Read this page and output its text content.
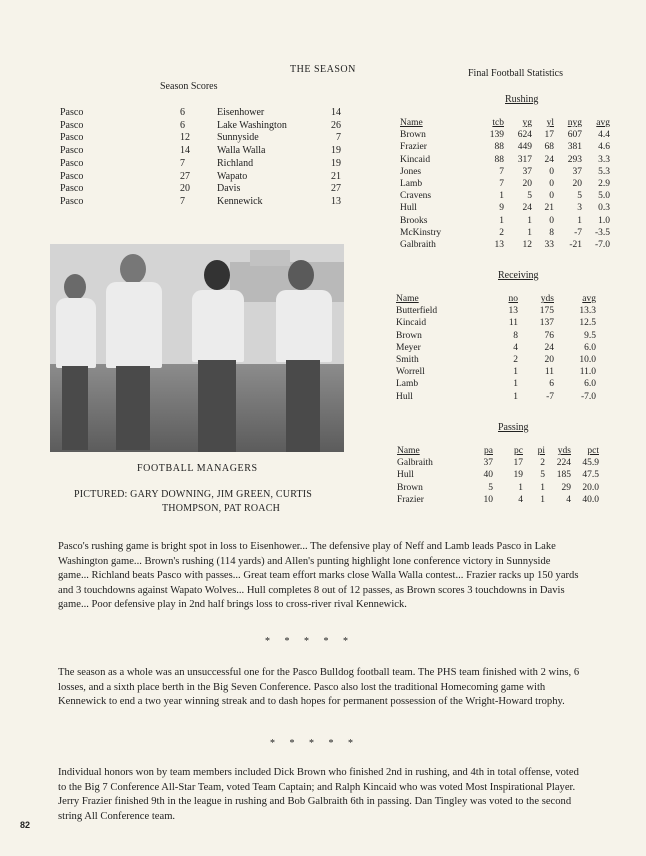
THE SEASON	Final Football Statistics
Season Scores
Pasco	6	Eisenhower	14
Pasco	6	Lake Washington	26
Pasco	12	Sunnyside	7
Pasco	14	Walla Walla	19
Pasco	7	Richland	19
Pasco	27	Wapato	21
Pasco	20	Davis	27
Pasco	7	Kennewick	13
Rushing
Name	tcb	yg	yl	nyg	avg
Brown	139	624	17	607	4.4
Frazier	88	449	68	381	4.6
Kincaid	88	317	24	293	3.3
Jones	7	37	0	37	5.3
Lamb	7	20	0	20	2.9
Cravens	1	5	0	5	5.0
Hull	9	24	21	3	0.3
Brooks	1	1	0	1	1.0
McKinstry	2	1	8	-7	-3.5
Galbraith	13	12	33	-21	-7.0
Receiving
Name	no	yds	avg
Butterfield	13	175	13.3
Kincaid	11	137	12.5
Brown	8	76	9.5
Meyer	4	24	6.0
Smith	2	20	10.0
Worrell	1	11	11.0
Lamb	1	6	6.0
Hull	1	-7	-7.0
Passing
Name	pa	pc	pi	yds	pct
Galbraith	37	17	2	224	45.9
Hull	40	19	5	185	47.5
Brown	5	1	1	29	20.0
Frazier	10	4	1	4	40.0
FOOTBALL MANAGERS
PICTURED: GARY DOWNING, JIM GREEN, CURTIS
THOMPSON, PAT ROACH
Pasco's rushing game is bright spot in loss to Eisenhower... The defensive play of Neff and Lamb leads Pasco in Lake Washington game... Brown's rushing (114 yards) and Allen's punting highlight lone conference victory in Sunnyside game... Richland beats Pasco with passes... Great team effort marks close Walla Walla contest... Frazier racks up 150 yards and 3 touchdowns against Wapato Wolves... Hull completes 8 out of 12 passes, as Brown scores 3 touchdowns in Davis game... Poor defensive play in 2nd half brings loss to cross-river rival Kennewick.
* * * * *
The season as a whole was an unsuccessful one for the Pasco Bulldog football team. The PHS team finished with 2 wins, 6 losses, and a sixth place berth in the Big Seven Conference. Pasco also lost the traditional Homecoming game with Kennewick to end a two year winning streak and to dash hopes for permanent possession of the Wright-Howard trophy.
* * * * *
Individual honors won by team members included Dick Brown who finished 2nd in rushing, and 4th in total offense, voted to the Big 7 Conference All-Star Team, voted Team Captain; and Ralph Kincaid who was voted Most Inspirational Player. Jerry Frazier finished 9th in the league in rushing and Bob Galbraith 6th in passing. Dan Tingley was voted to the second string All Conference team.
82
